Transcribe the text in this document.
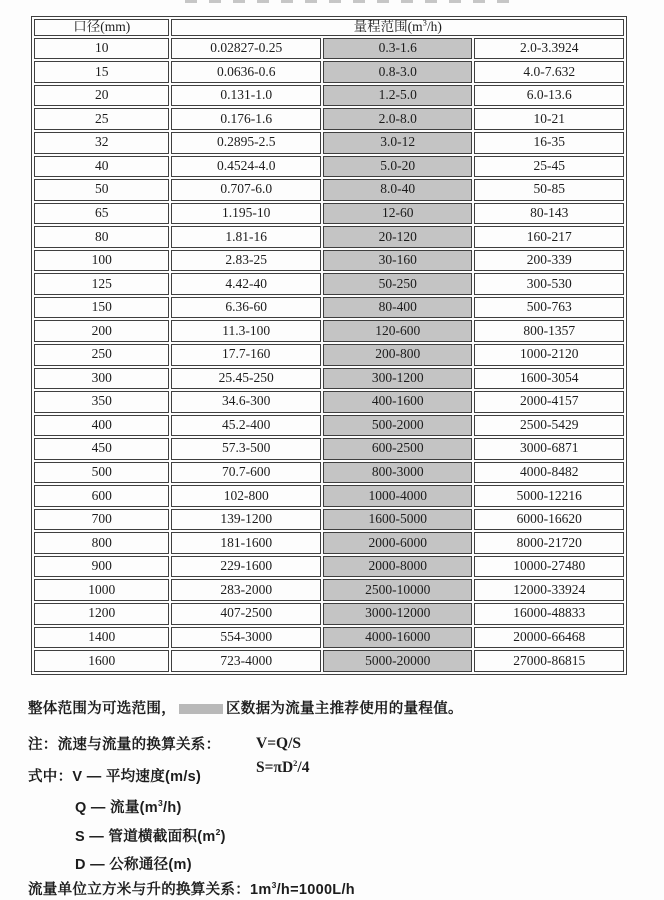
口径(mm)	量程范围$(m^3/h)$		
10	0.02827-0.25	0.3-1.6	2.0-3.3924
15	0.0636-0.6	0.8-3.0	4.0-7.632
20	0.131-1.0	1.2-5.0	6.0-13.6
25	0.176-1.6	2.0-8.0	10-21
32	0.2895-2.5	3.0-12	16-35
40	0.4524-4.0	5.0-20	25-45
50	0.707-6.0	8.0-40	50-85
65	1.195-10	12-60	80-143
80	1.81-16	20-120	160-217
100	2.83-25	30-160	200-339
125	4.42-40	50-250	300-530
150	6.36-60	80-400	500-763
200	11.3-100	120-600	800-1357
250	17.7-160	200-800	1000-2120
300	25.45-250	300-1200	1600-3054
350	34.6-300	400-1600	2000-4157
400	45.2-400	500-2000	2500-5429
450	57.3-500	600-2500	3000-6871
500	70.7-600	800-3000	4000-8482
600	102-800	1000-4000	5000-12216
700	139-1200	1600-5000	6000-16620
800	181-1600	2000-6000	8000-21720
900	229-1600	2000-8000	10000-27480
1000	283-2000	2500-10000	12000-33924
1200	407-2500	3000-12000	16000-48833
1400	554-3000	4000-16000	20000-66468
1600	723-4000	5000-20000	27000-86815

整体范围为可选范围，	区数据为流量主推荐使用的量程值。

注：流速与流量的换算关系：	V=Q/S
$S=\pi D^2/4$

式中：V — 平均速度(m/s)

Q — 流量$(m^3/h)$

S — 管道横截面积$(m^2)$

D — 公称通径(m)

流量单位立方米与升的换算关系：$1m^3/h=1000L/h$
